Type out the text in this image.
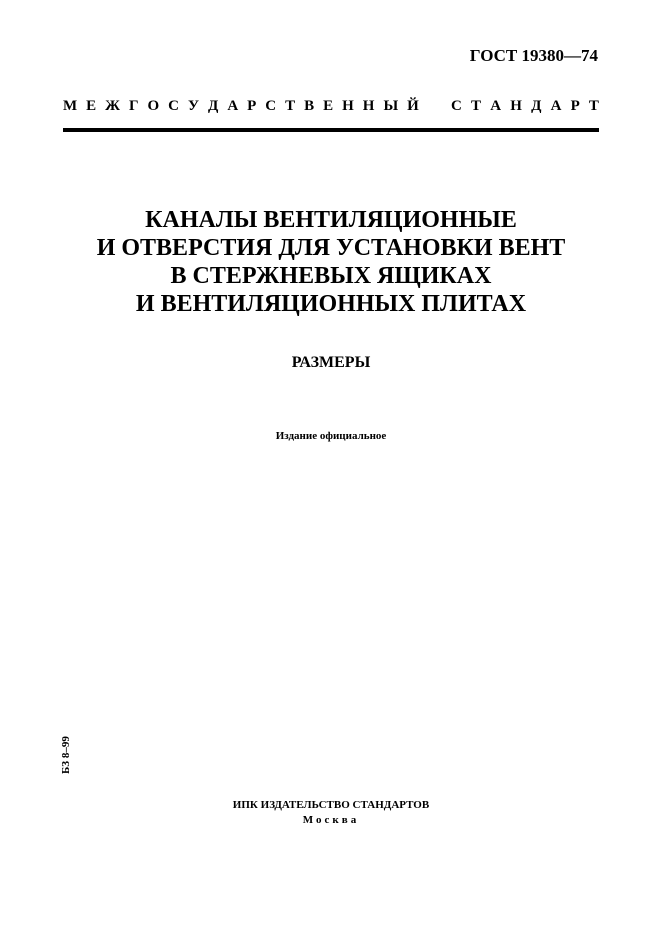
ГОСТ 19380—74
М Е Ж Г О С У Д А Р С Т В Е Н Н Ы Й С Т А Н Д А Р Т
КАНАЛЫ ВЕНТИЛЯЦИОННЫЕ
И ОТВЕРСТИЯ ДЛЯ УСТАНОВКИ ВЕНТ
В СТЕРЖНЕВЫХ ЯЩИКАХ
И ВЕНТИЛЯЦИОННЫХ ПЛИТАХ
РАЗМЕРЫ
Издание официальное
БЗ 8–99
ИПК ИЗДАТЕЛЬСТВО СТАНДАРТОВ
Москва
